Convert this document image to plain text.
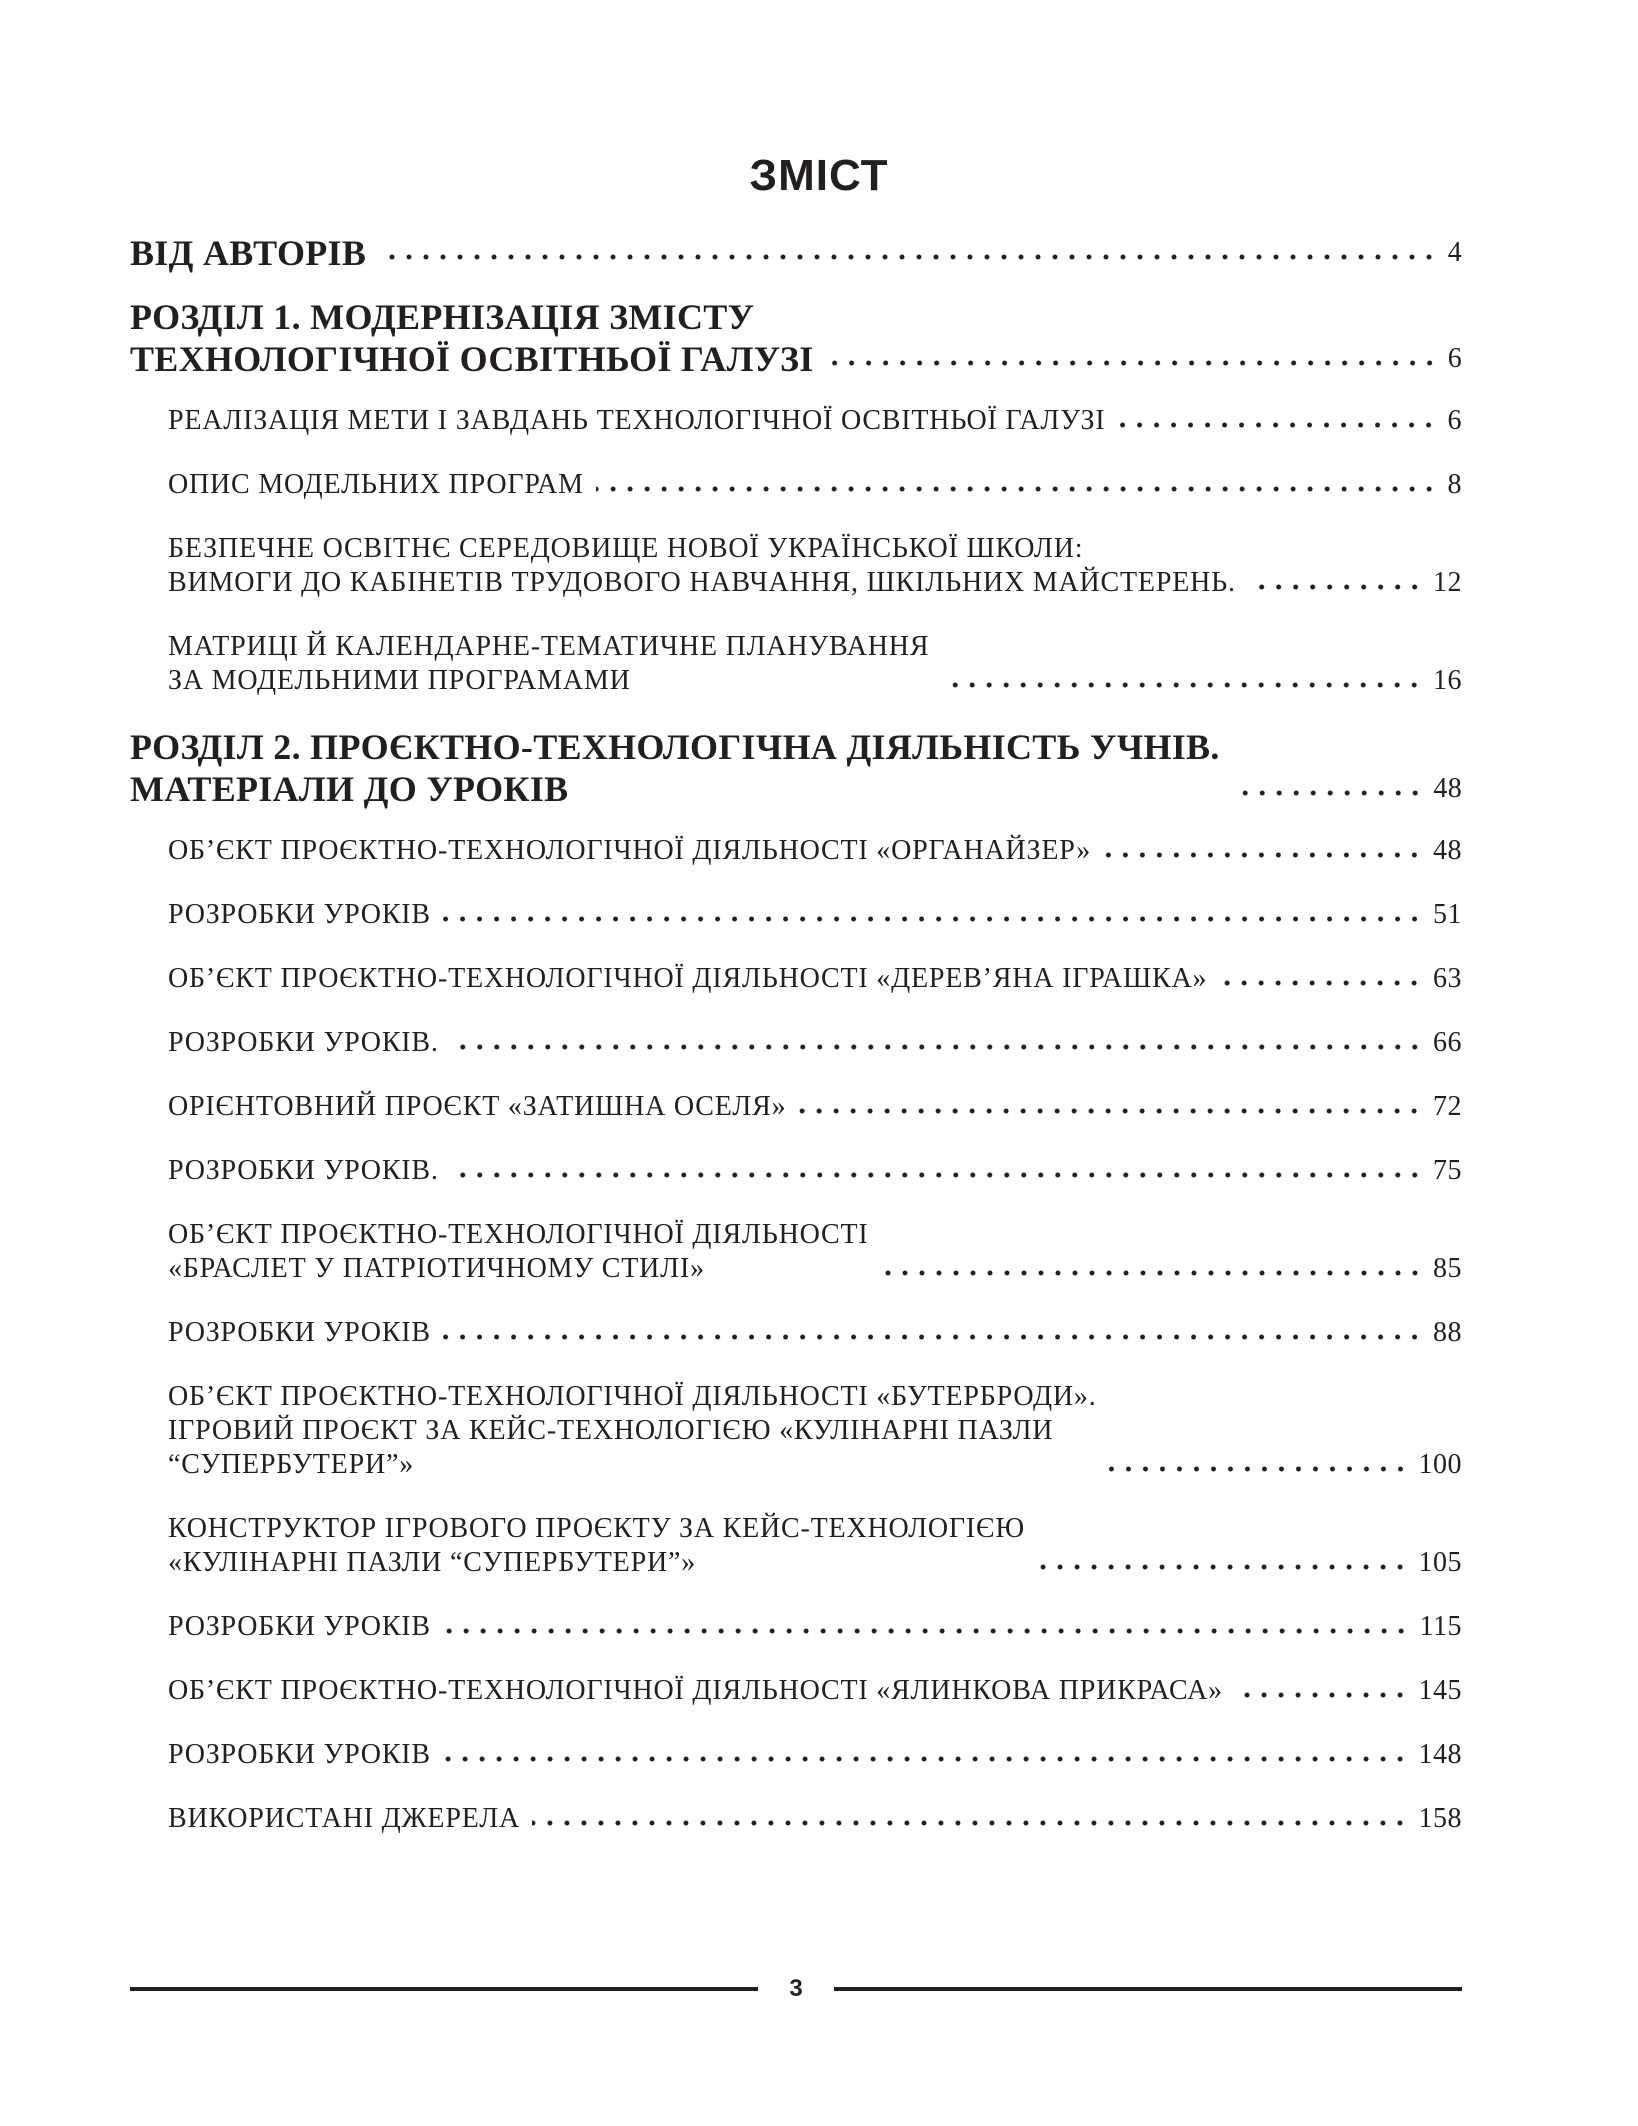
ЗМІСТ
ВІД АВТОРІВ	4
РОЗДІЛ 1. МОДЕРНІЗАЦІЯ ЗМІСТУ
ТЕХНОЛОГІЧНОЇ ОСВІТНЬОЇ ГАЛУЗІ	6
РЕАЛІЗАЦІЯ МЕТИ І ЗАВДАНЬ ТЕХНОЛОГІЧНОЇ ОСВІТНЬОЇ ГАЛУЗІ	6
ОПИС МОДЕЛЬНИХ ПРОГРАМ	8
БЕЗПЕЧНЕ ОСВІТНЄ СЕРЕДОВИЩЕ НОВОЇ УКРАЇНСЬКОЇ ШКОЛИ:
ВИМОГИ ДО КАБІНЕТІВ ТРУДОВОГО НАВЧАННЯ, ШКІЛЬНИХ МАЙСТЕРЕНЬ.	12
МАТРИЦІ Й КАЛЕНДАРНЕ-ТЕМАТИЧНЕ ПЛАНУВАННЯ
ЗА МОДЕЛЬНИМИ ПРОГРАМАМИ	16
РОЗДІЛ 2. ПРОЄКТНО-ТЕХНОЛОГІЧНА ДІЯЛЬНІСТЬ УЧНІВ.
МАТЕРІАЛИ ДО УРОКІВ	48
ОБ’ЄКТ ПРОЄКТНО-ТЕХНОЛОГІЧНОЇ ДІЯЛЬНОСТІ «ОРГАНАЙЗЕР»	48
РОЗРОБКИ УРОКІВ	51
ОБ’ЄКТ ПРОЄКТНО-ТЕХНОЛОГІЧНОЇ ДІЯЛЬНОСТІ «ДЕРЕВ’ЯНА ІГРАШКА»	63
РОЗРОБКИ УРОКІВ.	66
ОРІЄНТОВНИЙ ПРОЄКТ «ЗАТИШНА ОСЕЛЯ»	72
РОЗРОБКИ УРОКІВ.	75
ОБ’ЄКТ ПРОЄКТНО-ТЕХНОЛОГІЧНОЇ ДІЯЛЬНОСТІ
«БРАСЛЕТ У ПАТРІОТИЧНОМУ СТИЛІ»	85
РОЗРОБКИ УРОКІВ	88
ОБ’ЄКТ ПРОЄКТНО-ТЕХНОЛОГІЧНОЇ ДІЯЛЬНОСТІ «БУТЕРБРОДИ».
ІГРОВИЙ ПРОЄКТ ЗА КЕЙС-ТЕХНОЛОГІЄЮ «КУЛІНАРНІ ПАЗЛИ
“СУПЕРБУТЕРИ”»	100
КОНСТРУКТОР ІГРОВОГО ПРОЄКТУ ЗА КЕЙС-ТЕХНОЛОГІЄЮ
«КУЛІНАРНІ ПАЗЛИ “СУПЕРБУТЕРИ”»	105
РОЗРОБКИ УРОКІВ	115
ОБ’ЄКТ ПРОЄКТНО-ТЕХНОЛОГІЧНОЇ ДІЯЛЬНОСТІ «ЯЛИНКОВА ПРИКРАСА»	145
РОЗРОБКИ УРОКІВ	148
ВИКОРИСТАНІ ДЖЕРЕЛА	158
3
